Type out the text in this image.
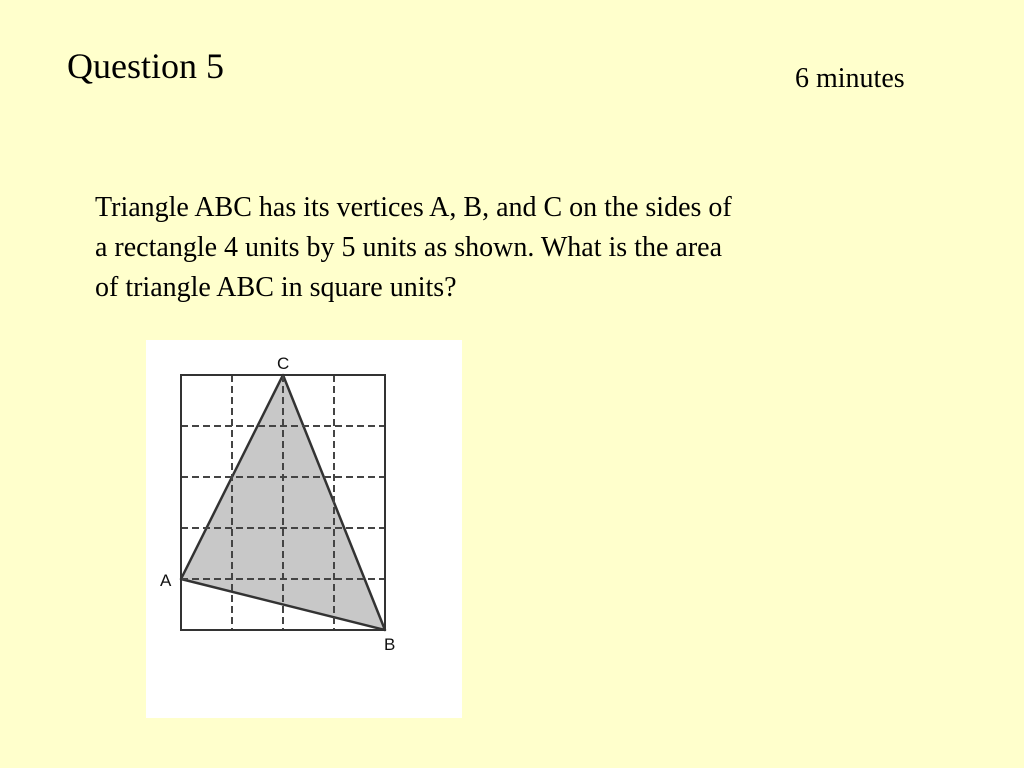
Question 5	6 minutes
Triangle ABC has its vertices A, B, and C on the sides of
a rectangle 4 units by 5 units as shown. What is the area
of triangle ABC in square units?
A
B
C
